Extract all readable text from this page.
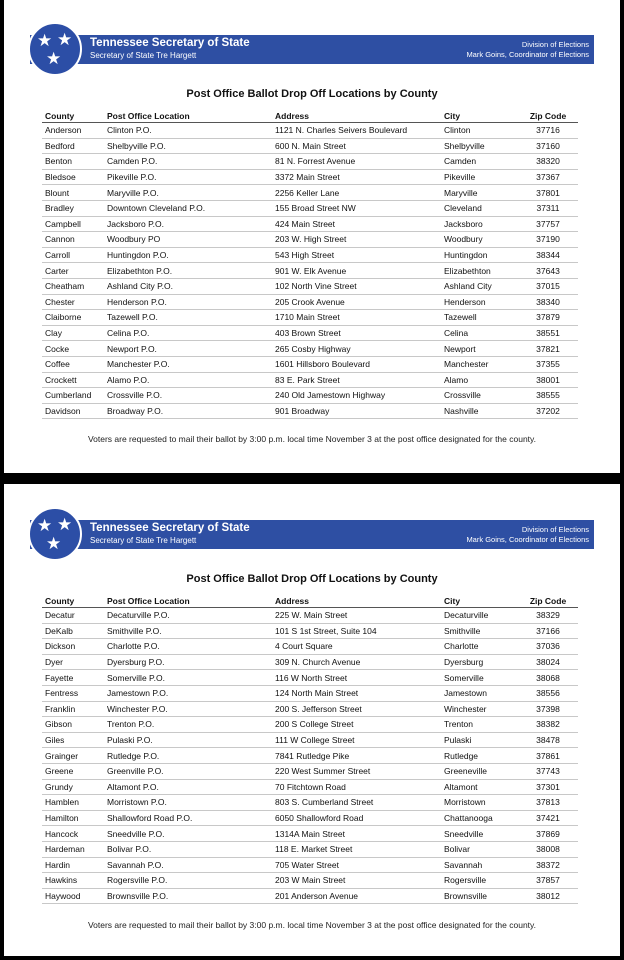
★ ★
★
Tennessee Secretary of State
Secretary of State Tre Hargett
Division of Elections
Mark Goins, Coordinator of Elections
Post Office Ballot Drop Off Locations by County
County	Post Office Location	Address	City	Zip Code
Anderson	Clinton P.O.	1121 N. Charles Seivers Boulevard	Clinton	37716
Bedford	Shelbyville P.O.	600 N. Main Street	Shelbyville	37160
Benton	Camden P.O.	81 N. Forrest Avenue	Camden	38320
Bledsoe	Pikeville P.O.	3372 Main Street	Pikeville	37367
Blount	Maryville P.O.	2256 Keller Lane	Maryville	37801
Bradley	Downtown Cleveland P.O.	155 Broad Street NW	Cleveland	37311
Campbell	Jacksboro P.O.	424 Main Street	Jacksboro	37757
Cannon	Woodbury PO	203 W. High Street	Woodbury	37190
Carroll	Huntingdon P.O.	543 High Street	Huntingdon	38344
Carter	Elizabethton P.O.	901 W. Elk Avenue	Elizabethton	37643
Cheatham	Ashland City P.O.	102 North Vine Street	Ashland City	37015
Chester	Henderson P.O.	205 Crook Avenue	Henderson	38340
Claiborne	Tazewell P.O.	1710 Main Street	Tazewell	37879
Clay	Celina P.O.	403 Brown Street	Celina	38551
Cocke	Newport P.O.	265 Cosby Highway	Newport	37821
Coffee	Manchester P.O.	1601 Hillsboro Boulevard	Manchester	37355
Crockett	Alamo P.O.	83 E. Park Street	Alamo	38001
Cumberland	Crossville P.O.	240 Old Jamestown Highway	Crossville	38555
Davidson	Broadway P.O.	901 Broadway	Nashville	37202
Voters are requested to mail their ballot by 3:00 p.m. local time November 3 at the post office designated for the county.
★ ★
★
Tennessee Secretary of State
Secretary of State Tre Hargett
Division of Elections
Mark Goins, Coordinator of Elections
Post Office Ballot Drop Off Locations by County
County	Post Office Location	Address	City	Zip Code
Decatur	Decaturville P.O.	225 W. Main Street	Decaturville	38329
DeKalb	Smithville P.O.	101 S 1st Street, Suite 104	Smithville	37166
Dickson	Charlotte P.O.	4 Court Square	Charlotte	37036
Dyer	Dyersburg P.O.	309 N. Church Avenue	Dyersburg	38024
Fayette	Somerville P.O.	116 W North Street	Somerville	38068
Fentress	Jamestown P.O.	124 North Main Street	Jamestown	38556
Franklin	Winchester P.O.	200 S. Jefferson Street	Winchester	37398
Gibson	Trenton P.O.	200 S College Street	Trenton	38382
Giles	Pulaski P.O.	111 W College Street	Pulaski	38478
Grainger	Rutledge P.O.	7841 Rutledge Pike	Rutledge	37861
Greene	Greenville P.O.	220 West Summer Street	Greeneville	37743
Grundy	Altamont P.O.	70 Fitchtown Road	Altamont	37301
Hamblen	Morristown P.O.	803 S. Cumberland Street	Morristown	37813
Hamilton	Shallowford Road P.O.	6050 Shallowford Road	Chattanooga	37421
Hancock	Sneedville P.O.	1314A Main Street	Sneedville	37869
Hardeman	Bolivar P.O.	118 E. Market Street	Bolivar	38008
Hardin	Savannah P.O.	705 Water Street	Savannah	38372
Hawkins	Rogersville P.O.	203 W Main Street	Rogersville	37857
Haywood	Brownsville P.O.	201 Anderson Avenue	Brownsville	38012
Voters are requested to mail their ballot by 3:00 p.m. local time November 3 at the post office designated for the county.
